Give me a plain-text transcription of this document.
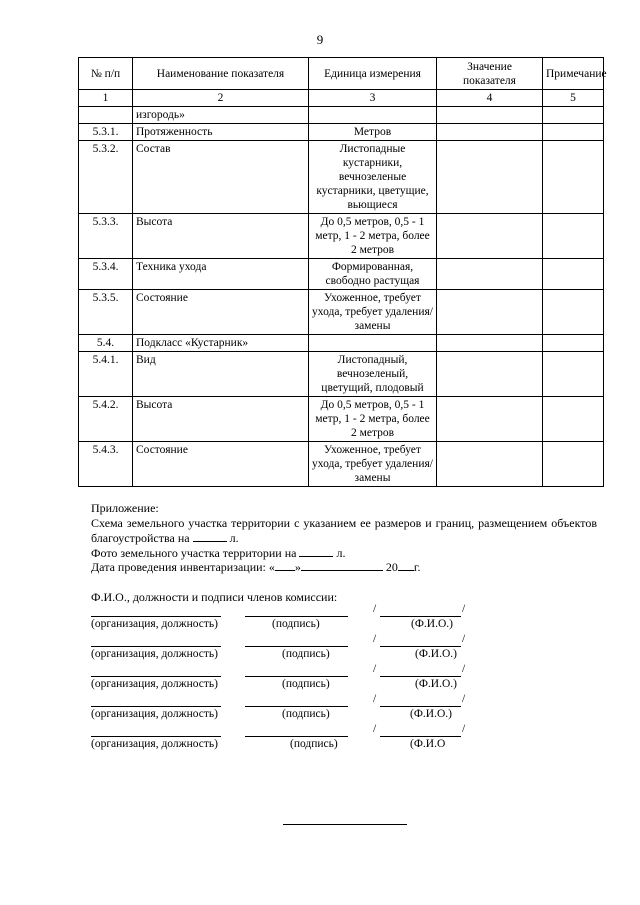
9
№ п/п	Наименование показателя	Единица измерения	Значение показателя	Примечание
1	2	3	4	5
	изгородь»			
5.3.1.	Протяженность	Метров		
5.3.2.	Состав	Листопадные кустарники, вечнозеленые кустарники, цветущие, вьющиеся		
5.3.3.	Высота	До 0,5 метров, 0,5 - 1 метр, 1 - 2 метра, более 2 метров		
5.3.4.	Техника ухода	Формированная, свободно растущая		
5.3.5.	Состояние	Ухоженное, требует ухода, требует удаления/замены		
5.4.	Подкласс «Кустарник»			
5.4.1.	Вид	Листопадный, вечнозеленый, цветущий, плодовый		
5.4.2.	Высота	До 0,5 метров, 0,5 - 1 метр, 1 - 2 метра, более 2 метров		
5.4.3.	Состояние	Ухоженное, требует ухода, требует удаления/замены		
Приложение:
Схема земельного участка территории с указанием ее размеров и границ, размещением объектов благоустройства на	л.
Фото земельного участка территории на	л.
Дата проведения инвентаризации: « »	20 г.
Ф.И.О., должности и подписи членов комиссии:
/	/
(организация, должность)	(подпись)	(Ф.И.О.)
/	/
(организация, должность)	(подпись)	(Ф.И.О.)
/	/
(организация, должность)	(подпись)	(Ф.И.О.)
/	/
(организация, должность)	(подпись)	(Ф.И.О.)
/	/
(организация, должность)	(подпись)	(Ф.И.О
